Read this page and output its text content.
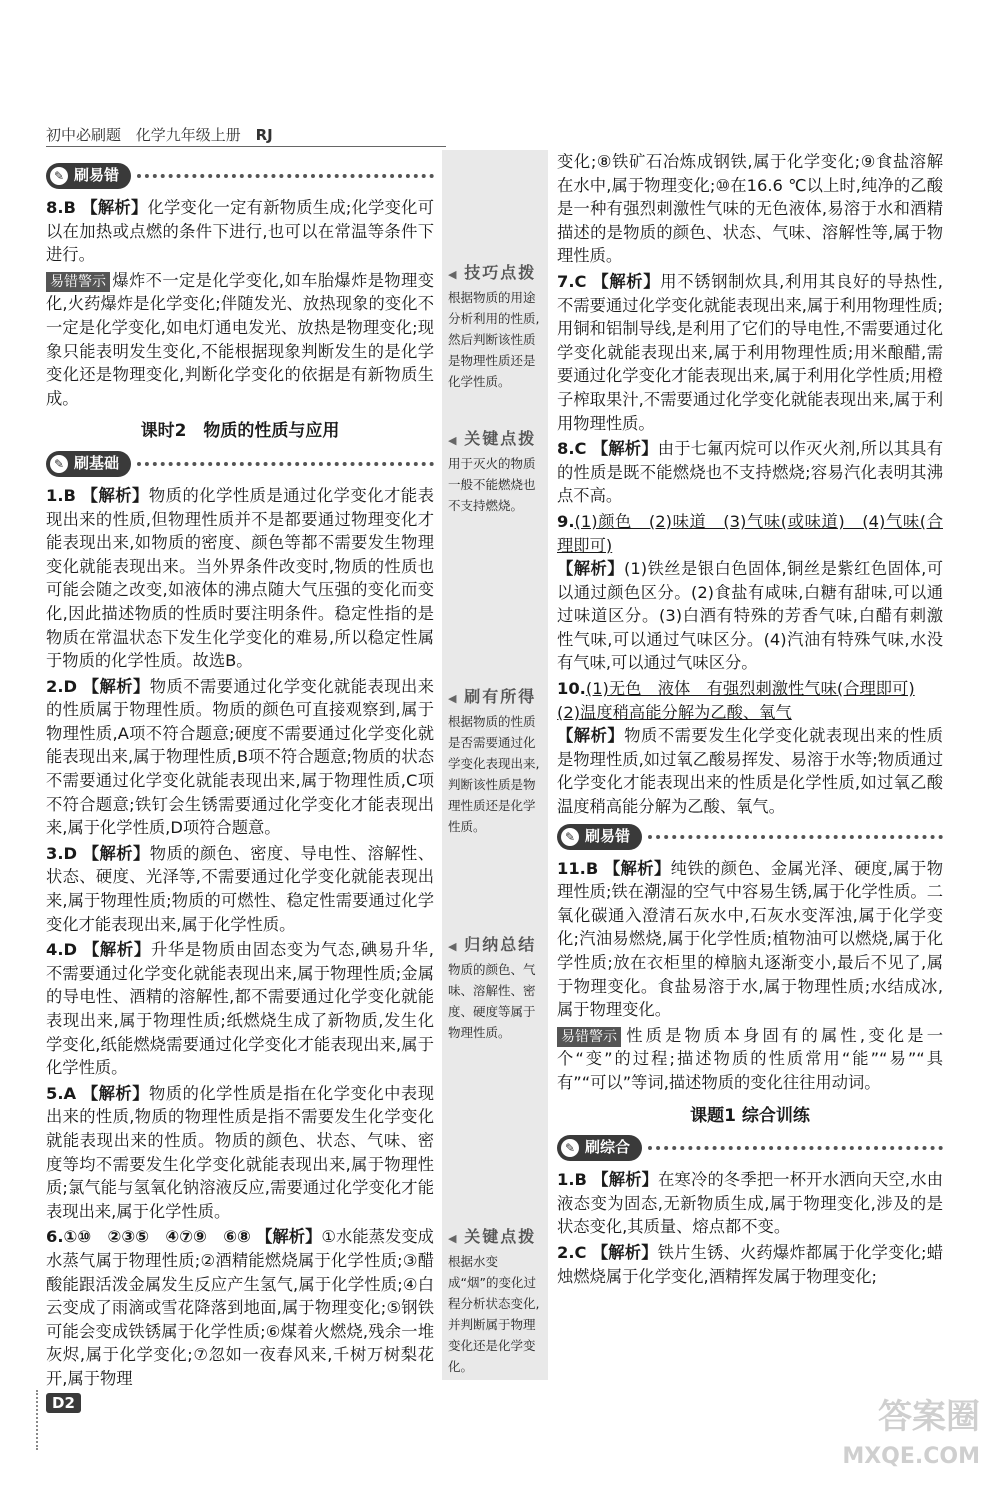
初中必刷题 化学九年级上册 RJ
✎ 刷易错

8.B 【解析】化学变化一定有新物质生成;化学变化可以在加热或点燃的条件下进行,也可以在常温等条件下进行。

易错警示 爆炸不一定是化学变化,如车胎爆炸是物理变化,火药爆炸是化学变化;伴随发光、放热现象的变化不一定是化学变化,如电灯通电发光、放热是物理变化;现象只能表明发生变化,不能根据现象判断发生的是化学变化还是物理变化,判断化学变化的依据是有新物质生成。

课时2　物质的性质与应用
✎ 刷基础

1.B 【解析】物质的化学性质是通过化学变化才能表现出来的性质,但物理性质并不是都要通过物理变化才能表现出来,如物质的密度、颜色等都不需要发生物理变化就能表现出来。当外界条件改变时,物质的性质也可能会随之改变,如液体的沸点随大气压强的变化而变化,因此描述物质的性质时要注明条件。稳定性指的是物质在常温状态下发生化学变化的难易,所以稳定性属于物质的化学性质。故选B。

2.D 【解析】物质不需要通过化学变化就能表现出来的性质属于物理性质。物质的颜色可直接观察到,属于物理性质,A项不符合题意;硬度不需要通过化学变化就能表现出来,属于物理性质,B项不符合题意;物质的状态不需要通过化学变化就能表现出来,属于物理性质,C项不符合题意;铁钉会生锈需要通过化学变化才能表现出来,属于化学性质,D项符合题意。

3.D 【解析】物质的颜色、密度、导电性、溶解性、状态、硬度、光泽等,不需要通过化学变化就能表现出来,属于物理性质;物质的可燃性、稳定性需要通过化学变化才能表现出来,属于化学性质。

4.D 【解析】升华是物质由固态变为气态,碘易升华,不需要通过化学变化就能表现出来,属于物理性质;金属的导电性、酒精的溶解性,都不需要通过化学变化就能表现出来,属于物理性质;纸燃烧生成了新物质,发生化学变化,纸能燃烧需要通过化学变化才能表现出来,属于化学性质。

5.A 【解析】物质的化学性质是指在化学变化中表现出来的性质,物质的物理性质是指不需要发生化学变化就能表现出来的性质。物质的颜色、状态、气味、密度等均不需要发生化学变化就能表现出来,属于物理性质;氯气能与氢氧化钠溶液反应,需要通过化学变化才能表现出来,属于化学性质。

6.①⑩　②③⑤　④⑦⑨　⑥⑧ 【解析】①水能蒸发变成水蒸气属于物理性质;②酒精能燃烧属于化学性质;③醋酸能跟活泼金属发生反应产生氢气,属于化学性质;④白云变成了雨滴或雪花降落到地面,属于物理变化;⑤钢铁可能会变成铁锈属于化学性质;⑥煤着火燃烧,残余一堆灰烬,属于化学变化;⑦忽如一夜春风来,千树万树梨花开,属于物理

◀ 技巧点拨
根据物质的用途分析利用的性质,然后判断该性质是物理性质还是化学性质。
◀ 关键点拨
用于灭火的物质一般不能燃烧也不支持燃烧。
◀ 刷有所得
根据物质的性质是否需要通过化学变化表现出来,判断该性质是物理性质还是化学性质。
◀ 归纳总结
物质的颜色、气味、溶解性、密度、硬度等属于物理性质。
◀ 关键点拨
根据水变成“烟”的变化过程分析状态变化,并判断属于物理变化还是化学变化。

变化;⑧铁矿石冶炼成钢铁,属于化学变化;⑨食盐溶解在水中,属于物理变化;⑩在16.6 ℃以上时,纯净的乙酸是一种有强烈刺激性气味的无色液体,易溶于水和酒精描述的是物质的颜色、状态、气味、溶解性等,属于物理性质。

7.C 【解析】用不锈钢制炊具,利用其良好的导热性,不需要通过化学变化就能表现出来,属于利用物理性质;用铜和铝制导线,是利用了它们的导电性,不需要通过化学变化就能表现出来,属于利用物理性质;用米酿醋,需要通过化学变化才能表现出来,属于利用化学性质;用橙子榨取果汁,不需要通过化学变化就能表现出来,属于利用物理性质。

8.C 【解析】由于七氟丙烷可以作灭火剂,所以其具有的性质是既不能燃烧也不支持燃烧;容易汽化表明其沸点不高。

9.(1)颜色　(2)味道　(3)气味(或味道)　(4)气味(合理即可)
【解析】(1)铁丝是银白色固体,铜丝是紫红色固体,可以通过颜色区分。(2)食盐有咸味,白糖有甜味,可以通过味道区分。(3)白酒有特殊的芳香气味,白醋有刺激性气味,可以通过气味区分。(4)汽油有特殊气味,水没有气味,可以通过气味区分。

10.(1)无色　液体　有强烈刺激性气味(合理即可)
(2)温度稍高能分解为乙酸、氧气
【解析】物质不需要发生化学变化就表现出来的性质是物理性质,如过氧乙酸易挥发、易溶于水等;物质通过化学变化才能表现出来的性质是化学性质,如过氧乙酸温度稍高能分解为乙酸、氧气。

✎ 刷易错

11.B 【解析】纯铁的颜色、金属光泽、硬度,属于物理性质;铁在潮湿的空气中容易生锈,属于化学性质。二氧化碳通入澄清石灰水中,石灰水变浑浊,属于化学变化;汽油易燃烧,属于化学性质;植物油可以燃烧,属于化学性质;放在衣柜里的樟脑丸逐渐变小,最后不见了,属于物理变化。食盐易溶于水,属于物理性质;水结成冰,属于物理变化。

易错警示 性质是物质本身固有的属性,变化是一个“变”的过程;描述物质的性质常用“能”“易”“具有”“可以”等词,描述物质的变化往往用动词。

课题1 综合训练
✎ 刷综合

1.B 【解析】在寒冷的冬季把一杯开水洒向天空,水由液态变为固态,无新物质生成,属于物理变化,涉及的是状态变化,其质量、熔点都不变。

2.C 【解析】铁片生锈、火药爆炸都属于化学变化;蜡烛燃烧属于化学变化,酒精挥发属于物理变化;

D2	答案圈
MXQE.COM
